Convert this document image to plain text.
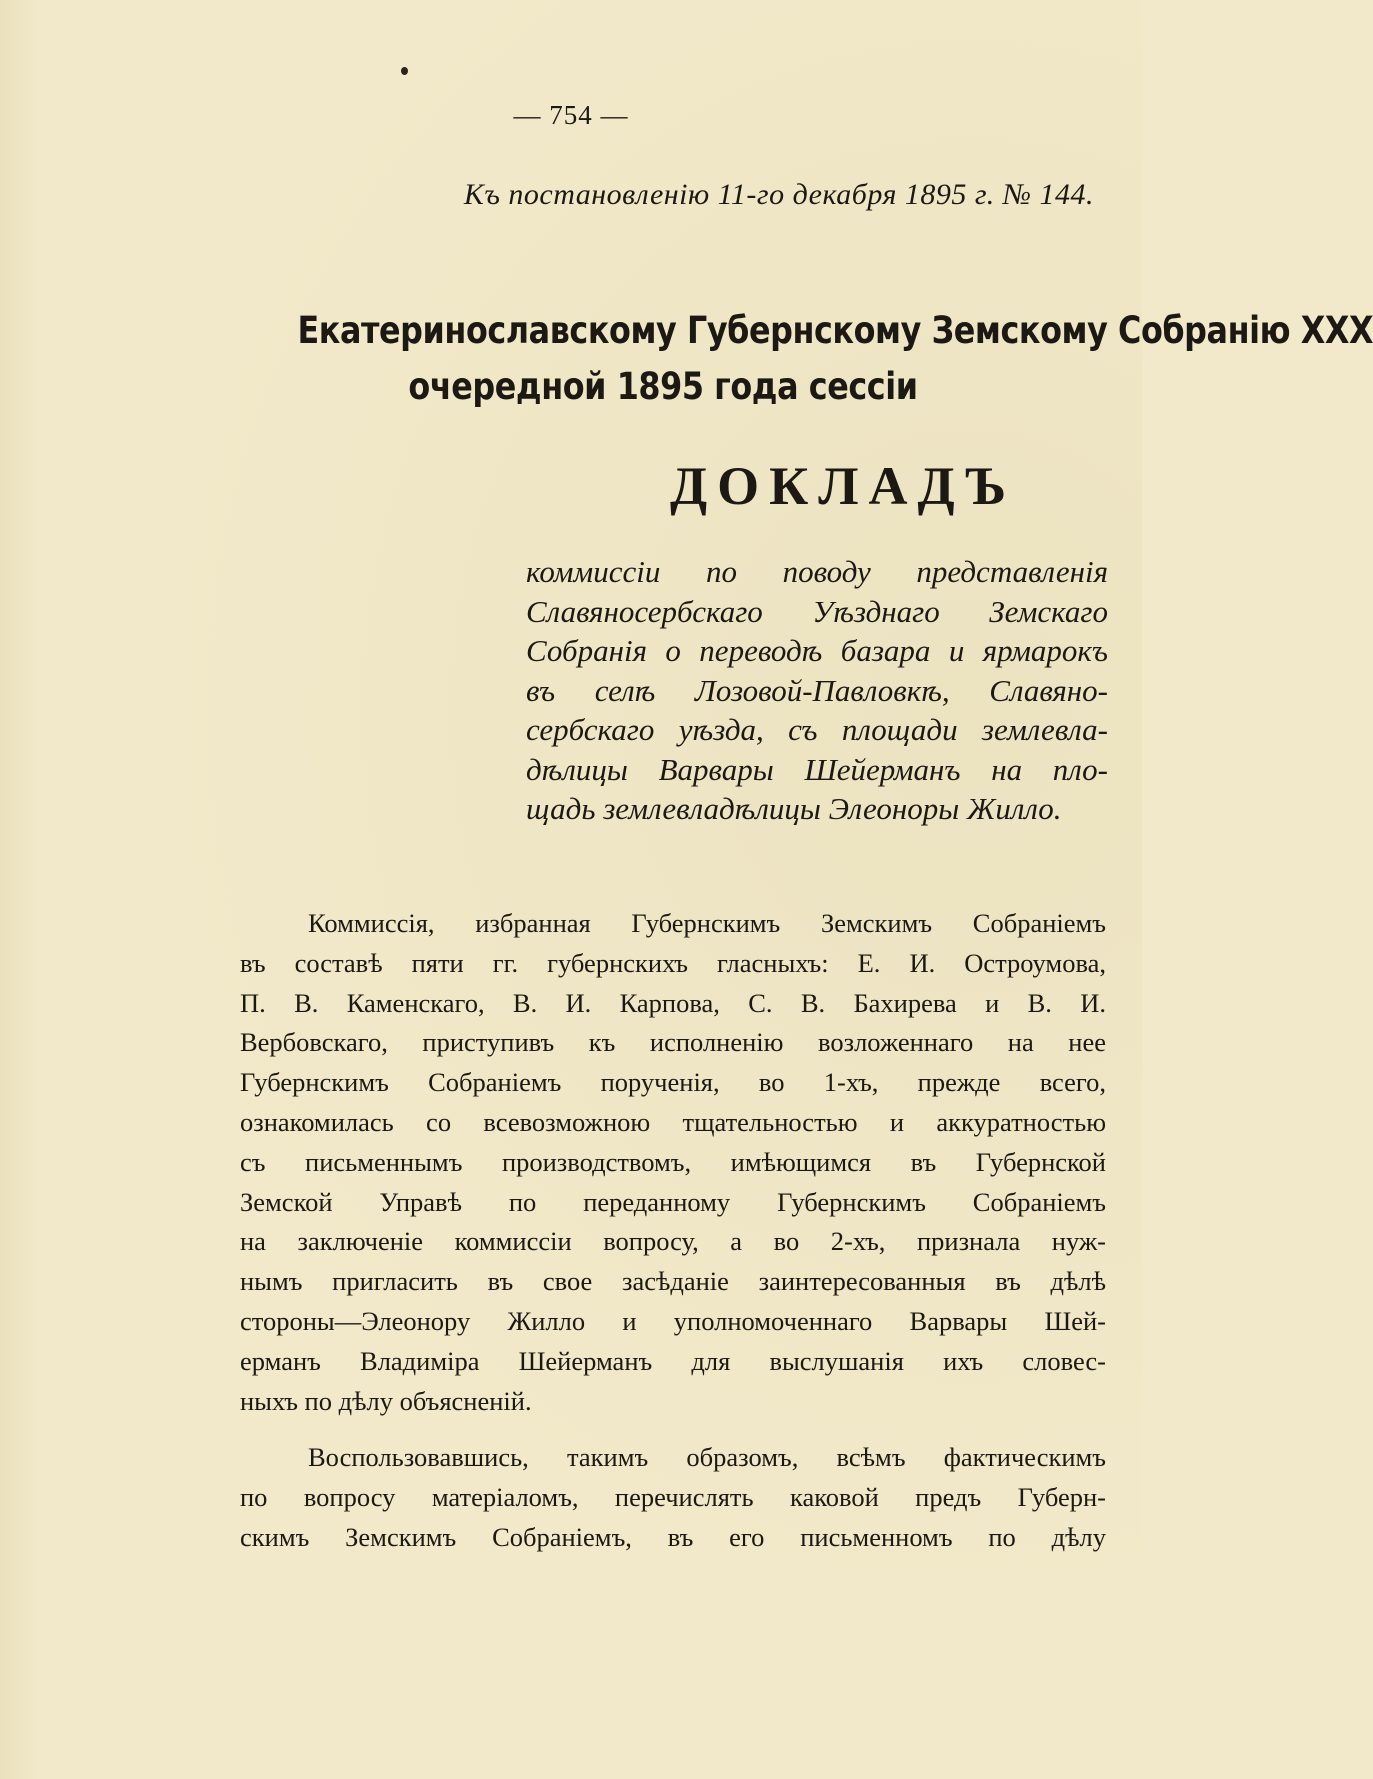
— 754 —
Къ постановленію 11-го декабря 1895 г. № 144.
Екатеринославскому Губернскому Земскому Собранію XXX
очередной 1895 года сессіи
ДОКЛАДЪ
коммиссіи по поводу представленія
Славяносербскаго Уѣзднаго Земскаго
Собранія о переводѣ базара и ярмарокъ
въ селѣ Лозовой-Павловкѣ, Славяно-
сербскаго уѣзда, съ площади землевла-
дѣлицы Варвары Шейерманъ на пло-
щадь землевладѣлицы Элеоноры Жилло.
Коммиссія, избранная Губернскимъ Земскимъ Собраніемъ
въ составѣ пяти гг. губернскихъ гласныхъ: Е. И. Остроумова,
П. В. Каменскаго, В. И. Карпова, С. В. Бахирева и В. И.
Вербовскаго, приступивъ къ исполненію возложеннаго на нее
Губернскимъ Собраніемъ порученія, во 1-хъ, прежде всего,
ознакомилась со всевозможною тщательностью и аккуратностью
съ письменнымъ производствомъ, имѣющимся въ Губернской
Земской Управѣ по переданному Губернскимъ Собраніемъ
на заключеніе коммиссіи вопросу, а во 2-хъ, признала нуж-
нымъ пригласить въ свое засѣданіе заинтересованныя въ дѣлѣ
стороны—Элеонору Жилло и уполномоченнаго Варвары Шей-
ерманъ Владиміра Шейерманъ для выслушанія ихъ словес-
ныхъ по дѣлу объясненій.
Воспользовавшись, такимъ образомъ, всѣмъ фактическимъ
по вопросу матеріаломъ, перечислять каковой предъ Губерн-
скимъ Земскимъ Собраніемъ, въ его письменномъ по дѣлу
